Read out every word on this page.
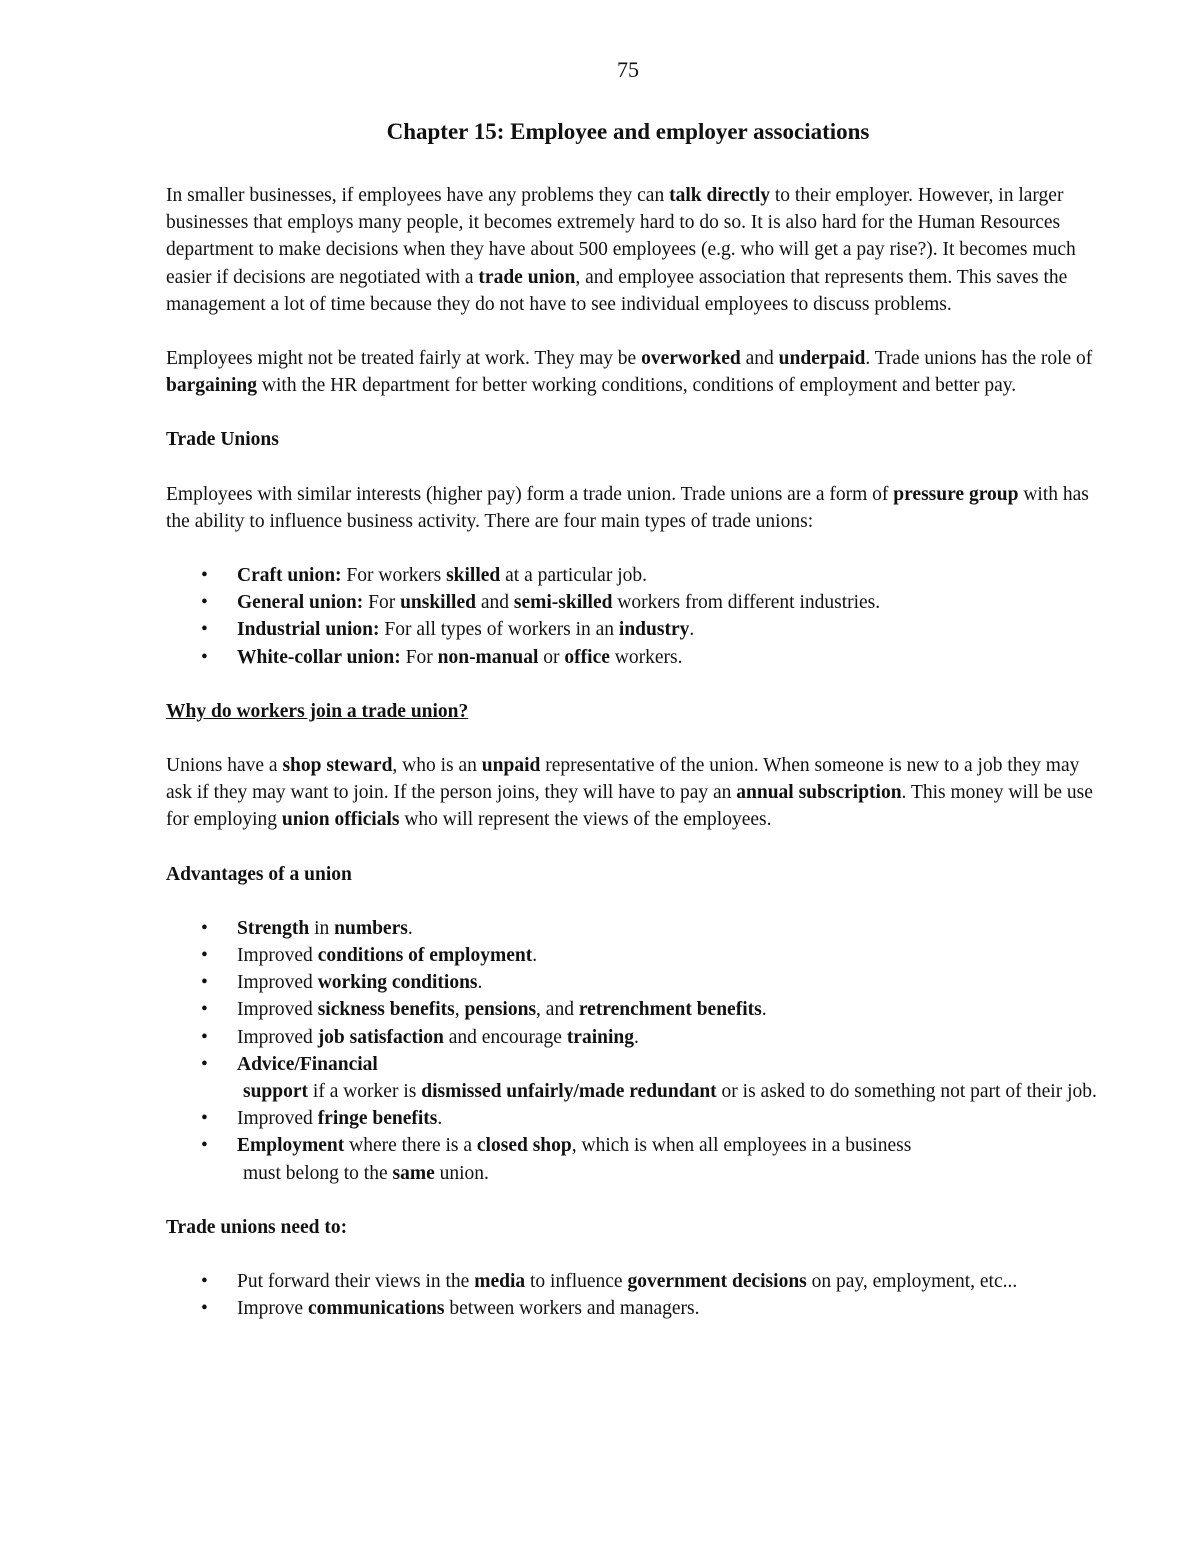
75
Chapter 15: Employee and employer associations

In smaller businesses, if employees have any problems they can talk directly to their employer. However, in larger businesses that employs many people, it becomes extremely hard to do so. It is also hard for the Human Resources department to make decisions when they have about 500 employees (e.g. who will get a pay rise?). It becomes much easier if decisions are negotiated with a trade union, and employee association that represents them. This saves the management a lot of time because they do not have to see individual employees to discuss problems.

Employees might not be treated fairly at work. They may be overworked and underpaid. Trade unions has the role of bargaining with the HR department for better working conditions, conditions of employment and better pay.

Trade Unions

Employees with similar interests (higher pay) form a trade union. Trade unions are a form of pressure group with has the ability to influence business activity. There are four main types of trade unions:

• Craft union: For workers skilled at a particular job.
• General union: For unskilled and semi-skilled workers from different industries.
• Industrial union: For all types of workers in an industry.
• White-collar union: For non-manual or office workers.
Why do workers join a trade union?

Unions have a shop steward, who is an unpaid representative of the union. When someone is new to a job they may ask if they may want to join. If the person joins, they will have to pay an annual subscription. This money will be use for employing union officials who will represent the views of the employees.

Advantages of a union
• Strength in numbers.
• Improved conditions of employment.
• Improved working conditions.
• Improved sickness benefits, pensions, and retrenchment benefits.
• Improved job satisfaction and encourage training.
• Advice/Financial
support if a worker is dismissed unfairly/made redundant or is asked to do something not part of their job.
• Improved fringe benefits.
• Employment where there is a closed shop, which is when all employees in a business
must belong to the same union.
Trade unions need to:
• Put forward their views in the media to influence government decisions on pay, employment, etc...
• Improve communications between workers and managers.
